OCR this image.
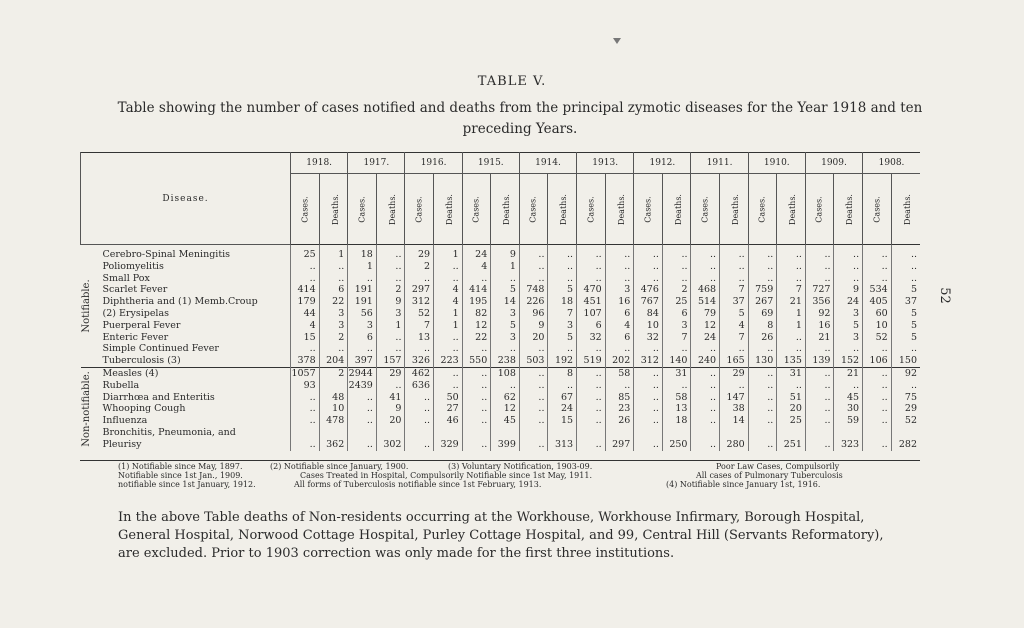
TABLE V.
Table showing the number of cases notified and deaths from the principal zymotic diseases for the Year 1918 and ten preceding Years.
52
Disease.		1918.		1917.		1916.		1915.		1914.		1913.		1912.		1911.		1910.		1909.		1908.	
		Cases.	Deaths.	Cases.	Deaths.	Cases.	Deaths.	Cases.	Deaths.	Cases.	Deaths.	Cases.	Deaths.	Cases.	Deaths.	Cases.	Deaths.	Cases.	Deaths.	Cases.	Deaths.	Cases.	Deaths.

Notifiable.	Cerebro-Spinal Meningitis	25	1	18	..	29	1	24	9	..	..	..	..	..	..	..	..	..	..	..	..	..	..
	Poliomyelitis	..	..	1	..	2	..	4	1	..	..	..	..	..	..	..	..	..	..	..	..	..	..
	Small Pox	..	..	..	..	..	..	..	..	..	..	..	..	..	..	..	..	..	..	..	..	..	..
	Scarlet Fever	414	6	191	2	297	4	414	5	748	5	470	3	476	2	468	7	759	7	727	9	534	5
	Diphtheria and (1) Memb.Croup	179	22	191	9	312	4	195	14	226	18	451	16	767	25	514	37	267	21	356	24	405	37
	(2) Erysipelas	44	3	56	3	52	1	82	3	96	7	107	6	84	6	79	5	69	1	92	3	60	5
	Puerperal Fever	4	3	3	1	7	1	12	5	9	3	6	4	10	3	12	4	8	1	16	5	10	5
	Enteric Fever	15	2	6	..	13	..	22	3	20	5	32	6	32	7	24	7	26	..	21	3	52	5
	Simple Continued Fever	..	..	..	..	..	..	..	..	..	..	..	..	..	..	..	..	..	..	..	..	..	..
	Tuberculosis (3)	378	204	397	157	326	223	550	238	503	192	519	202	312	140	240	165	130	135	139	152	106	150

Non-notifiable.	Measles (4)	1057	2	2944	29	462	..	..	108	..	8	..	58	..	31	..	29	..	31	..	21	..	92
	Rubella	93		2439	..	636	..	..	..	..	..	..	..	..	..	..	..	..	..	..	..	..	..
	Diarrhœa and Enteritis	..	48	..	41	..	50	..	62	..	67	..	85	..	58	..	147	..	51	..	45	..	75
	Whooping Cough	..	10	..	9	..	27	..	12	..	24	..	23	..	13	..	38	..	20	..	30	..	29
	Influenza	..	478	..	20	..	46	..	45	..	15	..	26	..	18	..	14	..	25	..	59	..	52
	Bronchitis, Pneumonia, and																						
	Pleurisy	..	362	..	302	..	329	..	399	..	313	..	297	..	250	..	280	..	251	..	323	..	282
(1) Notifiable since May, 1897.	(2) Notifiable since January, 1900.	(3) Voluntary Notification, 1903-09.	Poor Law Cases, Compulsorily
Notifiable since 1st Jan., 1909.	Cases Treated in Hospital, Compulsorily Notifiable since 1st May, 1911.	All cases of Pulmonary Tuberculosis
notifiable since 1st January, 1912.	All forms of Tuberculosis notifiable since 1st February, 1913.	(4) Notifiable since January 1st, 1916.
In the above Table deaths of Non-residents occurring at the Workhouse, Workhouse Infirmary, Borough Hospital, General Hospital, Norwood Cottage Hospital, Purley Cottage Hospital, and 99, Central Hill (Servants Reformatory), are excluded. Prior to 1903 correction was only made for the first three institutions.
